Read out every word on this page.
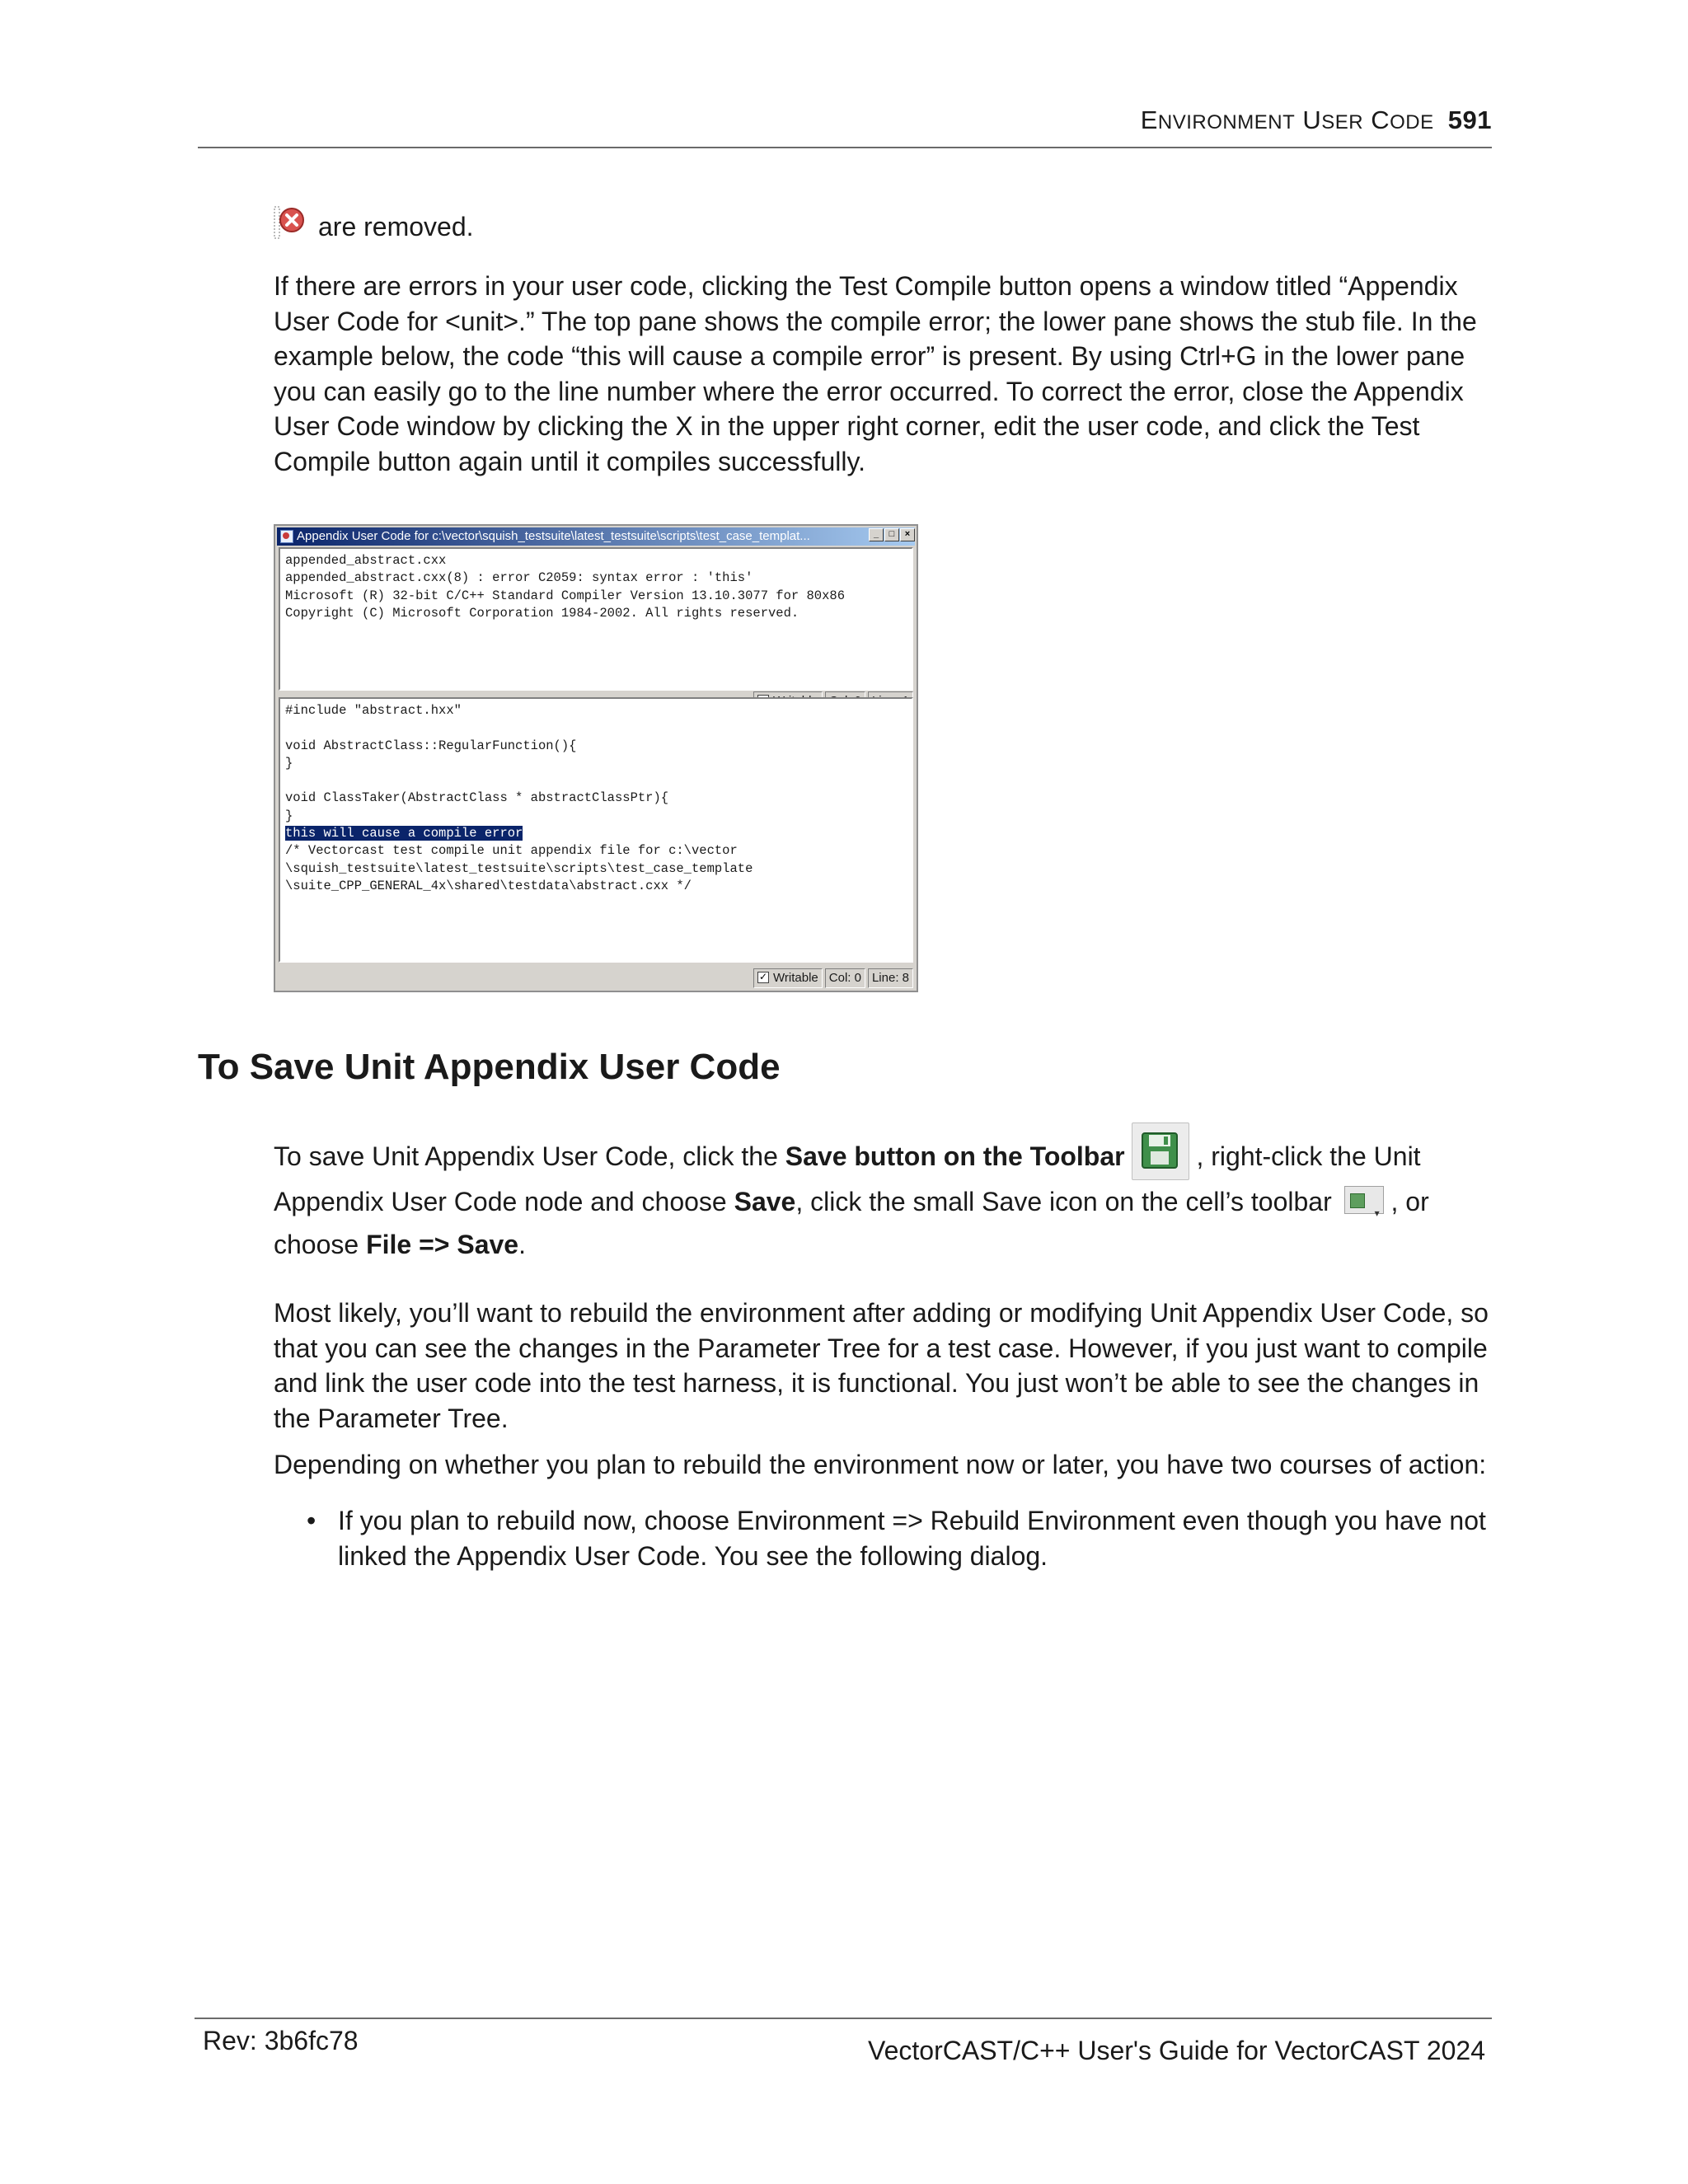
ENVIRONMENT USER CODE 591
are removed.
If there are errors in your user code, clicking the Test Compile button opens a window titled “Appendix User Code for <unit>.” The top pane shows the compile error; the lower pane shows the stub file. In the example below, the code “this will cause a compile error” is present. By using Ctrl+G in the lower pane you can easily go to the line number where the error occurred. To correct the error, close the Appendix User Code window by clicking the X in the upper right corner, edit the user code, and click the Test Compile button again until it compiles successfully.
Appendix User Code for c:\vector\squish_testsuite\latest_testsuite\scripts\test_case_templat...	_	□	×
appended_abstract.cxx
appended_abstract.cxx(8) : error C2059: syntax error : 'this'
Microsoft (R) 32-bit C/C++ Standard Compiler Version 13.10.3077 for 80x86
Copyright (C) Microsoft Corporation 1984-2002. All rights reserved.
#include "abstract.hxx"

void AbstractClass::RegularFunction(){
}

void ClassTaker(AbstractClass * abstractClassPtr){
}
this will cause a compile error
/* Vectorcast test compile unit appendix file for c:\vector
\squish_testsuite\latest_testsuite\scripts\test_case_template
\suite_CPP_GENERAL_4x\shared\testdata\abstract.cxx */
✓Writable Col: 0 Line: 8
To Save Unit Appendix User Code
To save Unit Appendix User Code, click the Save button on the Toolbar
, right-click the Unit Appendix User Code node and choose Save, click the small Save icon on the cell’s toolbar	▾ , or choose File => Save.
Most likely, you’ll want to rebuild the environment after adding or modifying Unit Appendix User Code, so that you can see the changes in the Parameter Tree for a test case. However, if you just want to compile and link the user code into the test harness, it is functional. You just won’t be able to see the changes in the Parameter Tree.
Depending on whether you plan to rebuild the environment now or later, you have two courses of action:
• If you plan to rebuild now, choose Environment => Rebuild Environment even though you have not linked the Appendix User Code. You see the following dialog.
Rev: 3b6fc78	VectorCAST/C++ User's Guide for VectorCAST 2024
